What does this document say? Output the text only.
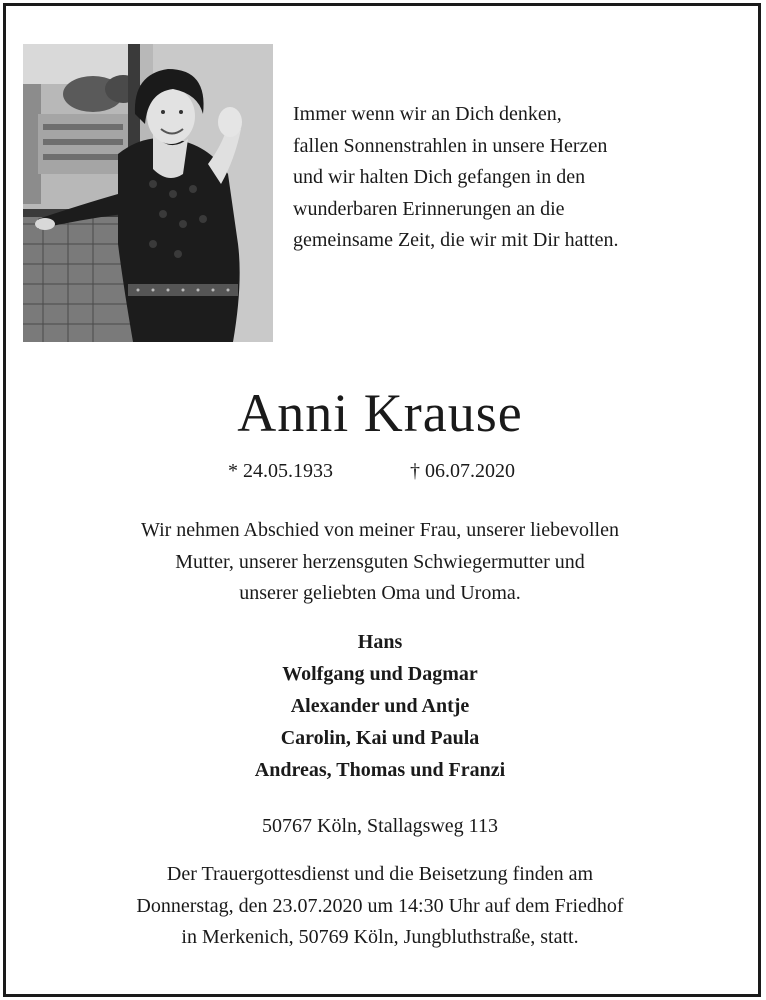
Immer wenn wir an Dich denken,
fallen Sonnenstrahlen in unsere Herzen
und wir halten Dich gefangen in den
wunderbaren Erinnerungen an die
gemeinsame Zeit, die wir mit Dir hatten.
Anni Krause
* 24.05.1933	† 06.07.2020
Wir nehmen Abschied von meiner Frau, unserer liebevollen
Mutter, unserer herzensguten Schwiegermutter und
unserer geliebten Oma und Uroma.
Hans
Wolfgang und Dagmar
Alexander und Antje
Carolin, Kai und Paula
Andreas, Thomas und Franzi
50767 Köln, Stallagsweg 113
Der Trauergottesdienst und die Beisetzung finden am
Donnerstag, den 23.07.2020 um 14:30 Uhr auf dem Friedhof
in Merkenich, 50769 Köln, Jungbluthstraße, statt.
